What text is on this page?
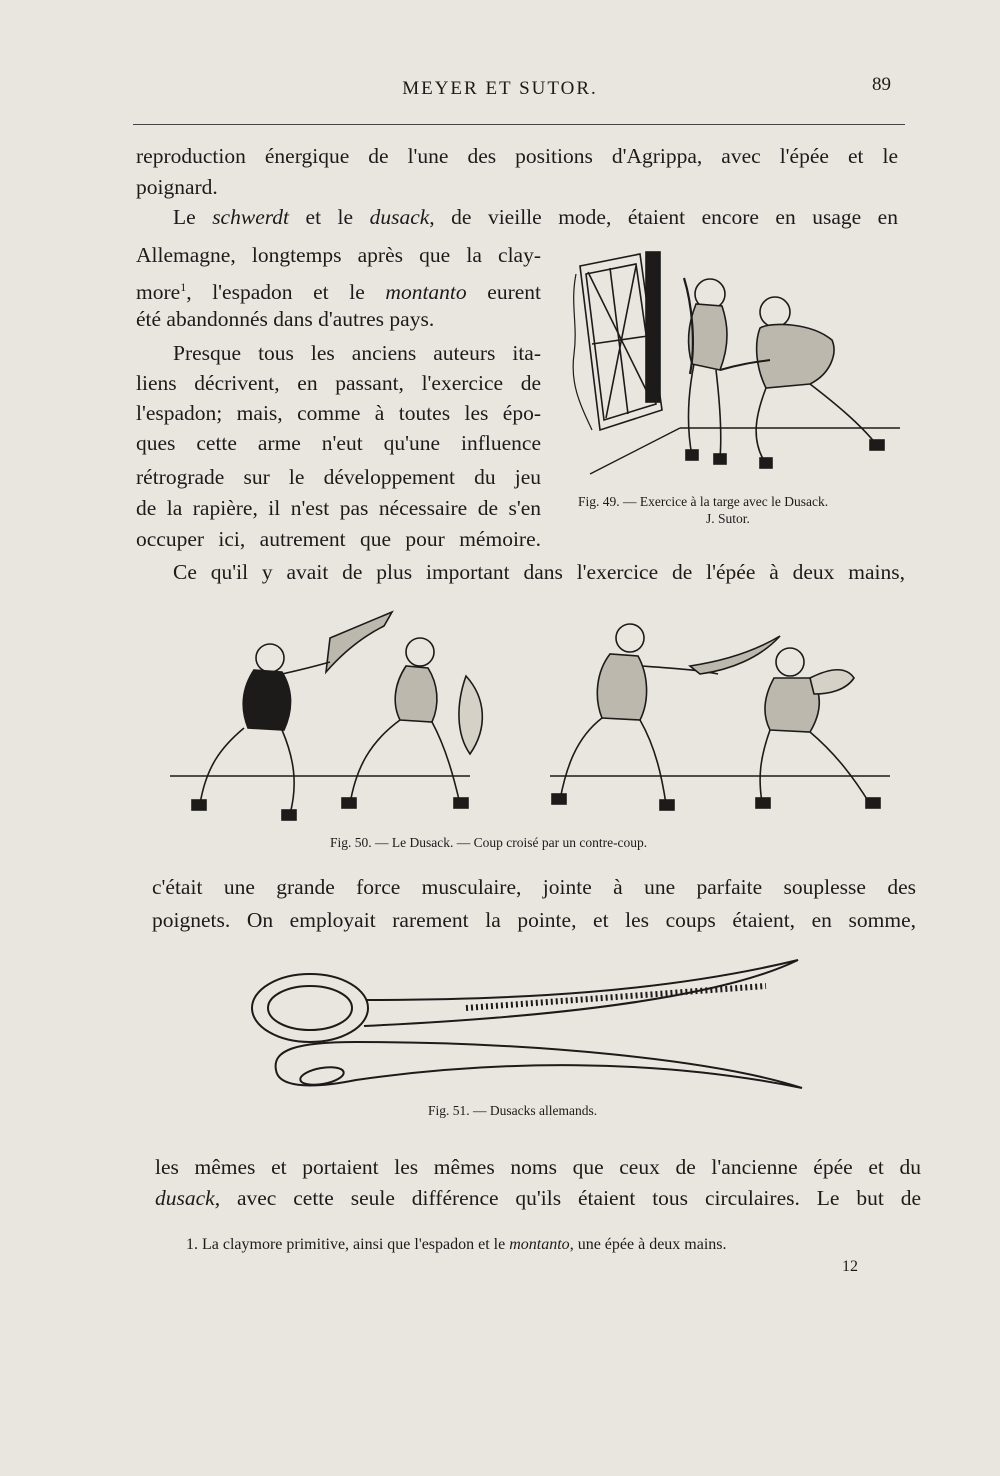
MEYER ET SUTOR.	89
reproduction énergique de l'une des positions d'Agrippa, avec l'épée et le
poignard.
Le schwerdt et le dusack, de vieille mode, étaient encore en usage en
Allemagne, longtemps après que la clay-
more$^1$, l'espadon et le montanto eurent
été abandonnés dans d'autres pays.
Presque tous les anciens auteurs ita-
liens décrivent, en passant, l'exercice de
l'espadon; mais, comme à toutes les épo-
ques cette arme n'eut qu'une influence
rétrograde sur le développement du jeu
de la rapière, il n'est pas nécessaire de s'en
occuper ici, autrement que pour mémoire.
Fig. 49. — Exercice à la targe avec le Dusack.
J. Sutor.
Ce qu'il y avait de plus important dans l'exercice de l'épée à deux mains,
Fig. 50. — Le Dusack. — Coup croisé par un contre-coup.
c'était une grande force musculaire, jointe à une parfaite souplesse des
poignets. On employait rarement la pointe, et les coups étaient, en somme,
Fig. 51. — Dusacks allemands.
les mêmes et portaient les mêmes noms que ceux de l'ancienne épée et du
dusack, avec cette seule différence qu'ils étaient tous circulaires. Le but de
1. La claymore primitive, ainsi que l'espadon et le montanto, une épée à deux mains.
12
